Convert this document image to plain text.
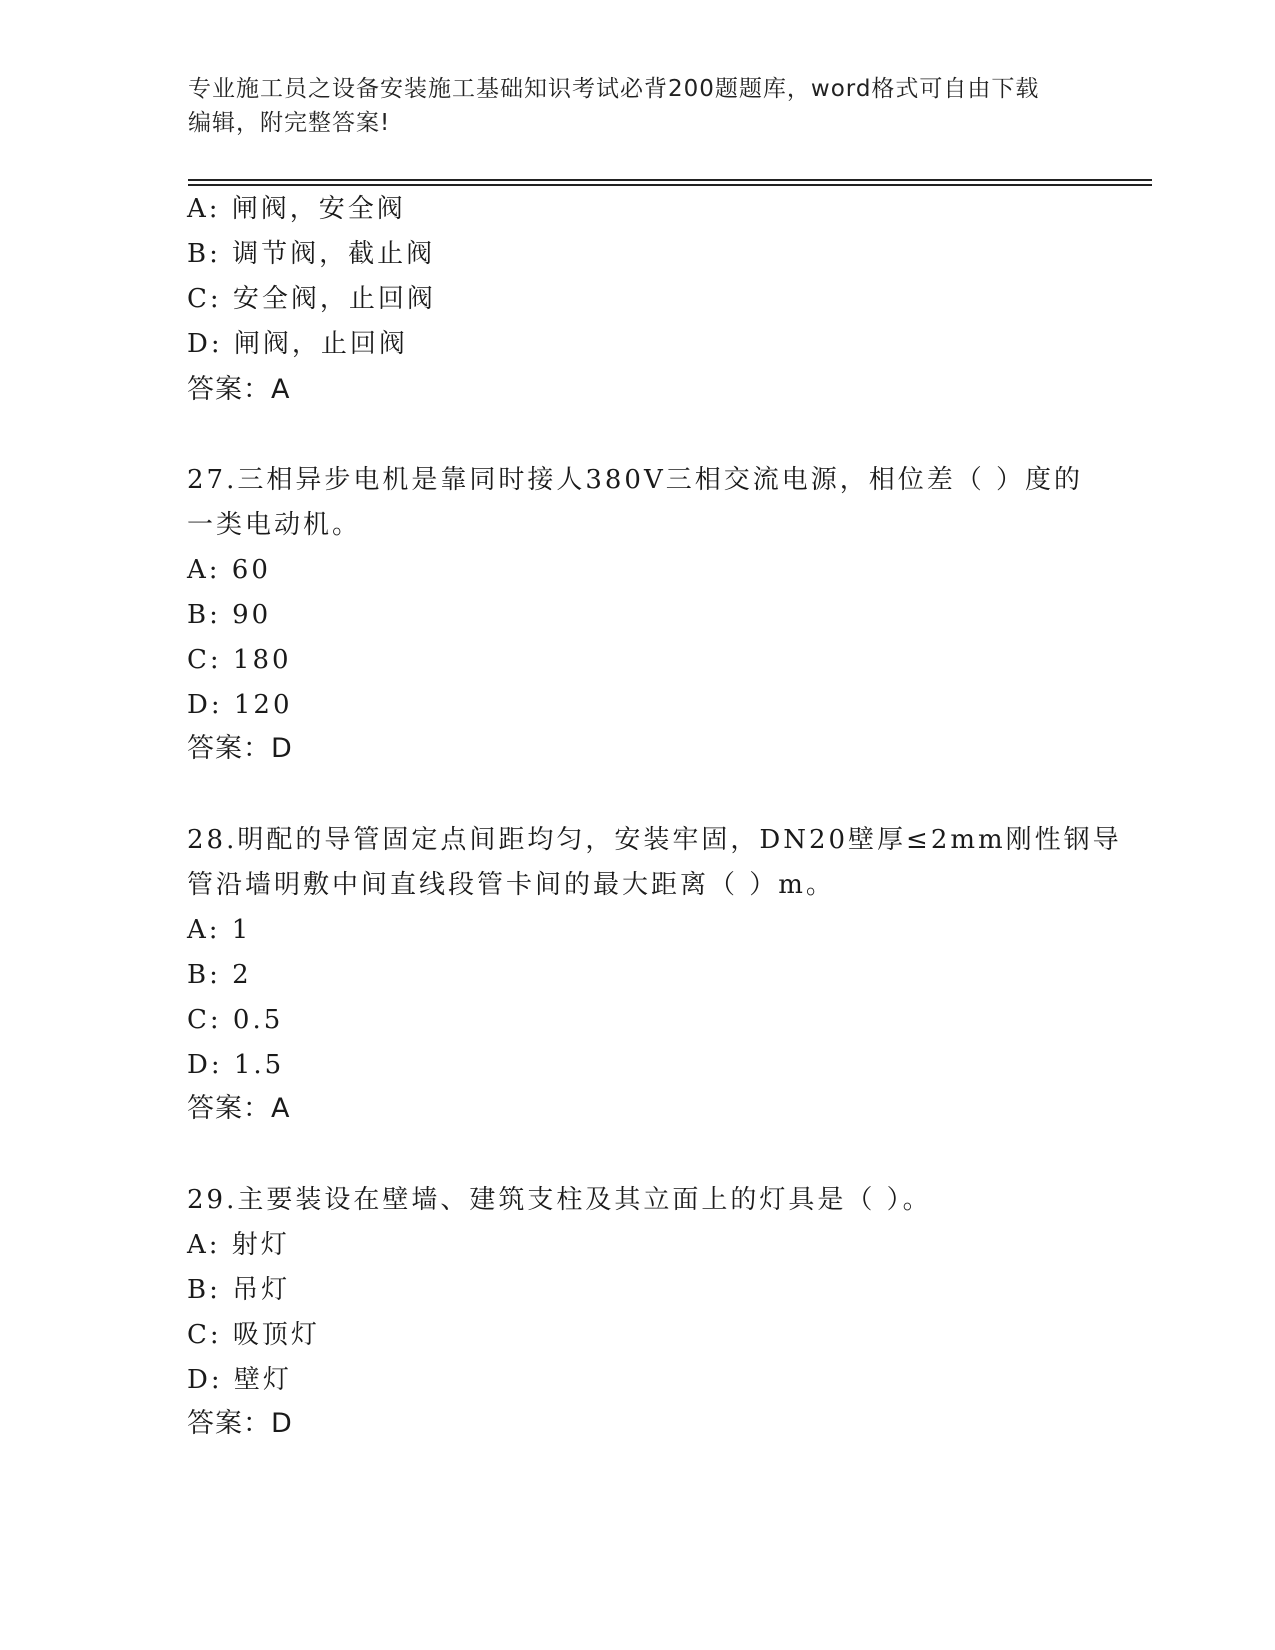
专业施工员之设备安装施工基础知识考试必背200题题库，word格式可自由下载
编辑，附完整答案!
A: 闸阀，安全阀
B: 调节阀，截止阀
C: 安全阀，止回阀
D: 闸阀，止回阀
答案：A
27.三相异步电机是靠同时接人380V三相交流电源，相位差（ ）度的
一类电动机。
A: 60
B: 90
C: 180
D: 120
答案：D
28.明配的导管固定点间距均匀，安装牢固，DN20壁厚≤2mm刚性钢导
管沿墙明敷中间直线段管卡间的最大距离（ ）m。
A: 1
B: 2
C: 0.5
D: 1.5
答案：A
29.主要装设在壁墙、建筑支柱及其立面上的灯具是（ ）。
A: 射灯
B: 吊灯
C: 吸顶灯
D: 壁灯
答案：D
